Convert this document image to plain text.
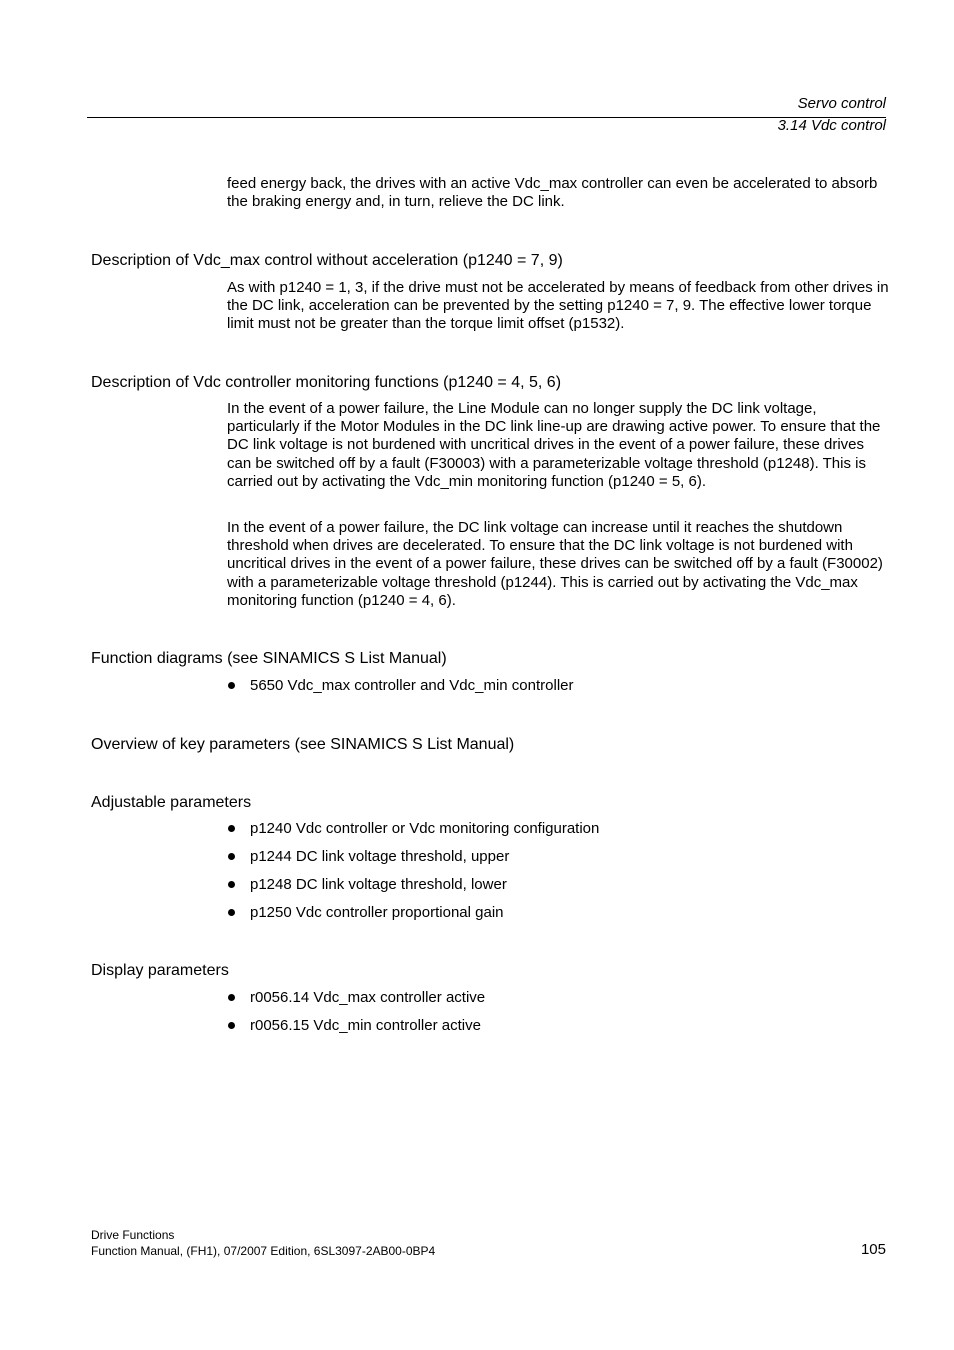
Servo control
3.14 Vdc control

feed energy back, the drives with an active Vdc_max controller can even be accelerated to absorb the braking energy and, in turn, relieve the DC link.

Description of Vdc_max control without acceleration (p1240 = 7, 9)

As with p1240 = 1, 3, if the drive must not be accelerated by means of feedback from other drives in the DC link, acceleration can be prevented by the setting p1240 = 7, 9. The effective lower torque limit must not be greater than the torque limit offset (p1532).

Description of Vdc controller monitoring functions (p1240 = 4, 5, 6)

In the event of a power failure, the Line Module can no longer supply the DC link voltage, particularly if the Motor Modules in the DC link line-up are drawing active power. To ensure that the DC link voltage is not burdened with uncritical drives in the event of a power failure, these drives can be switched off by a fault (F30003) with a parameterizable voltage threshold (p1248). This is carried out by activating the Vdc_min monitoring function (p1240 = 5, 6).

In the event of a power failure, the DC link voltage can increase until it reaches the shutdown threshold when drives are decelerated. To ensure that the DC link voltage is not burdened with uncritical drives in the event of a power failure, these drives can be switched off by a fault (F30002) with a parameterizable voltage threshold (p1244). This is carried out by activating the Vdc_max monitoring function (p1240 = 4, 6).

Function diagrams (see SINAMICS S List Manual)
5650 Vdc_max controller and Vdc_min controller
Overview of key parameters (see SINAMICS S List Manual)
Adjustable parameters
p1240 Vdc controller or Vdc monitoring configuration
p1244 DC link voltage threshold, upper
p1248 DC link voltage threshold, lower
p1250 Vdc controller proportional gain
Display parameters
r0056.14 Vdc_max controller active
r0056.15 Vdc_min controller active
Drive Functions
Function Manual, (FH1), 07/2007 Edition, 6SL3097-2AB00-0BP4	105
